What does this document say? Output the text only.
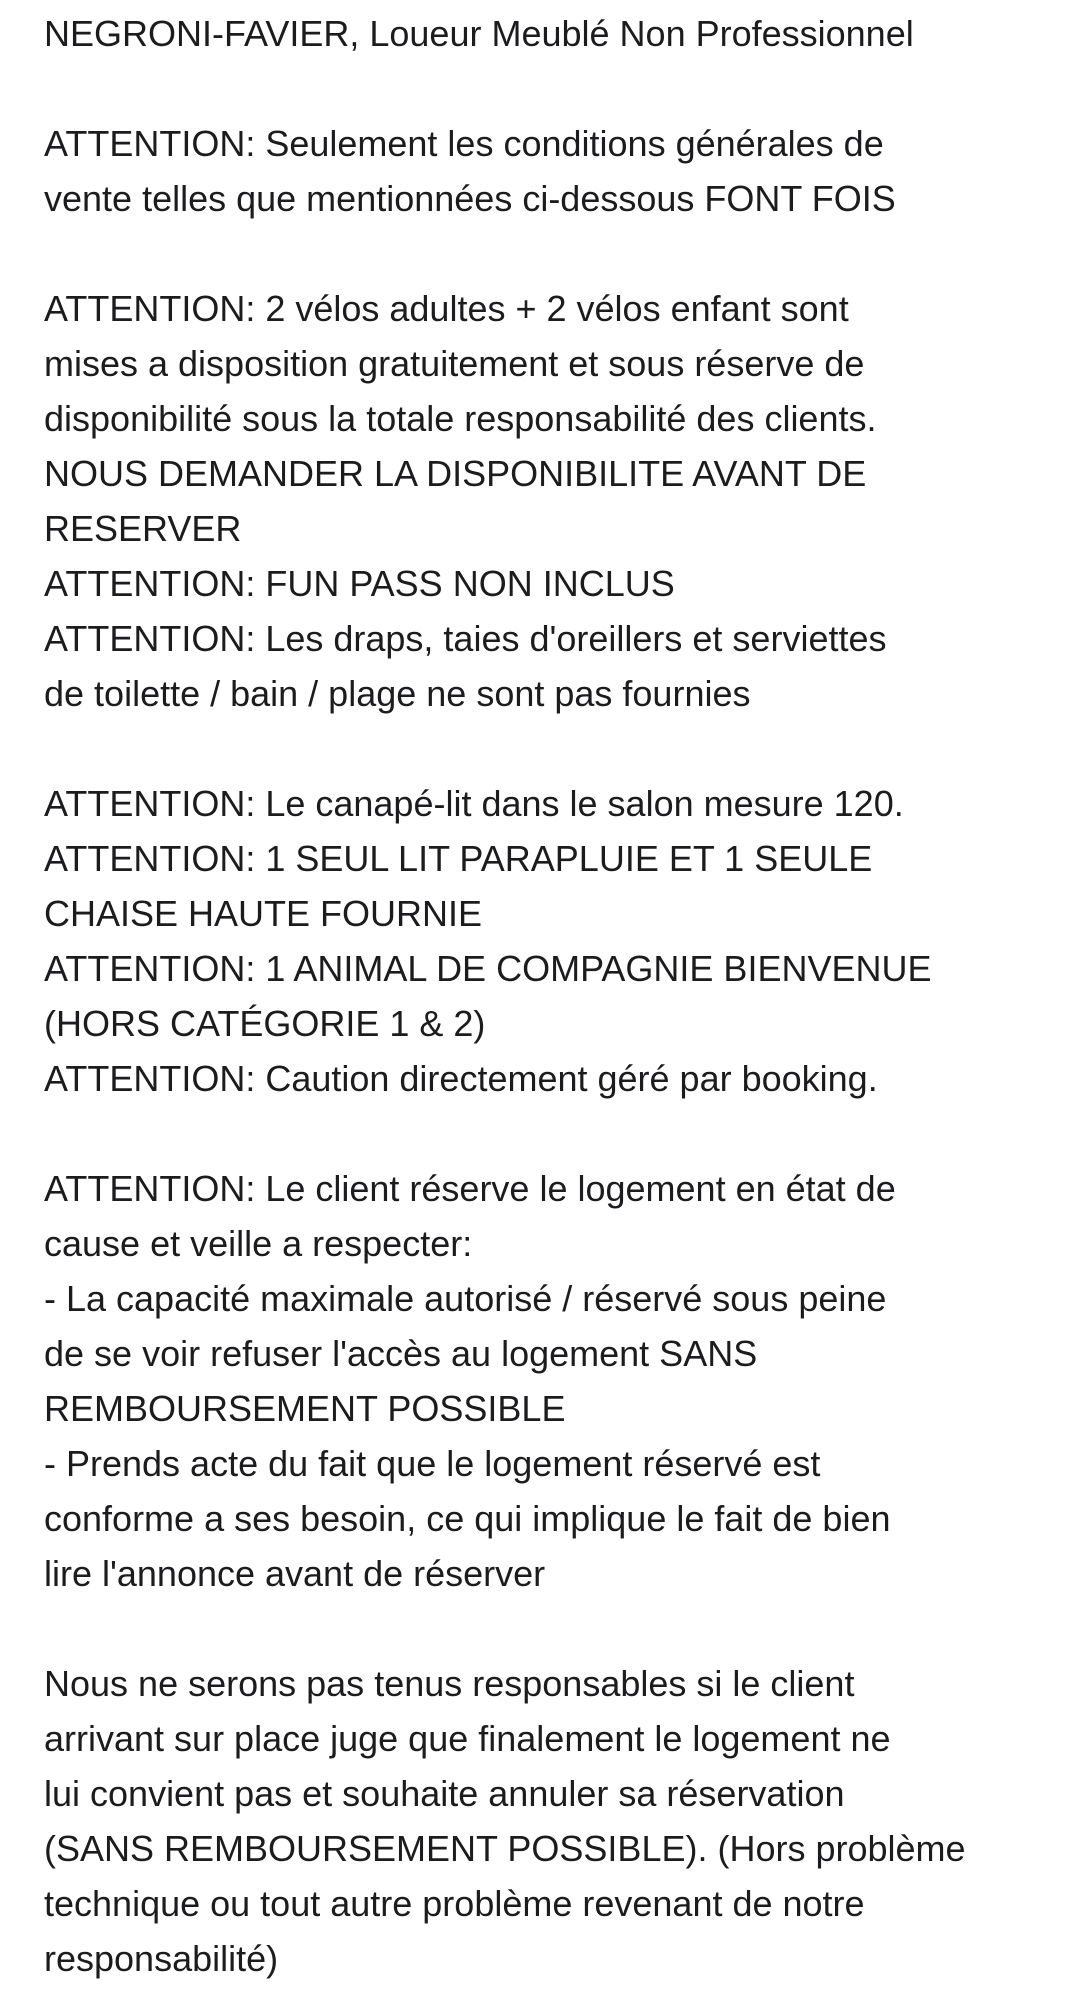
NEGRONI-FAVIER, Loueur Meublé Non Professionnel
ATTENTION: Seulement les conditions générales de
vente telles que mentionnées ci-dessous FONT FOIS
ATTENTION: 2 vélos adultes + 2 vélos enfant sont
mises a disposition gratuitement et sous réserve de
disponibilité sous la totale responsabilité des clients.
NOUS DEMANDER LA DISPONIBILITE AVANT DE
RESERVER
ATTENTION: FUN PASS NON INCLUS
ATTENTION: Les draps, taies d'oreillers et serviettes
de toilette / bain / plage ne sont pas fournies
ATTENTION: Le canapé-lit dans le salon mesure 120.
ATTENTION: 1 SEUL LIT PARAPLUIE ET 1 SEULE
CHAISE HAUTE FOURNIE
ATTENTION: 1 ANIMAL DE COMPAGNIE BIENVENUE
(HORS CATÉGORIE 1 & 2)
ATTENTION: Caution directement géré par booking.
ATTENTION: Le client réserve le logement en état de
cause et veille a respecter:
- La capacité maximale autorisé / réservé sous peine
de se voir refuser l'accès au logement SANS
REMBOURSEMENT POSSIBLE
- Prends acte du fait que le logement réservé est
conforme a ses besoin, ce qui implique le fait de bien
lire l'annonce avant de réserver
Nous ne serons pas tenus responsables si le client
arrivant sur place juge que finalement le logement ne
lui convient pas et souhaite annuler sa réservation
(SANS REMBOURSEMENT POSSIBLE). (Hors problème
technique ou tout autre problème revenant de notre
responsabilité)
